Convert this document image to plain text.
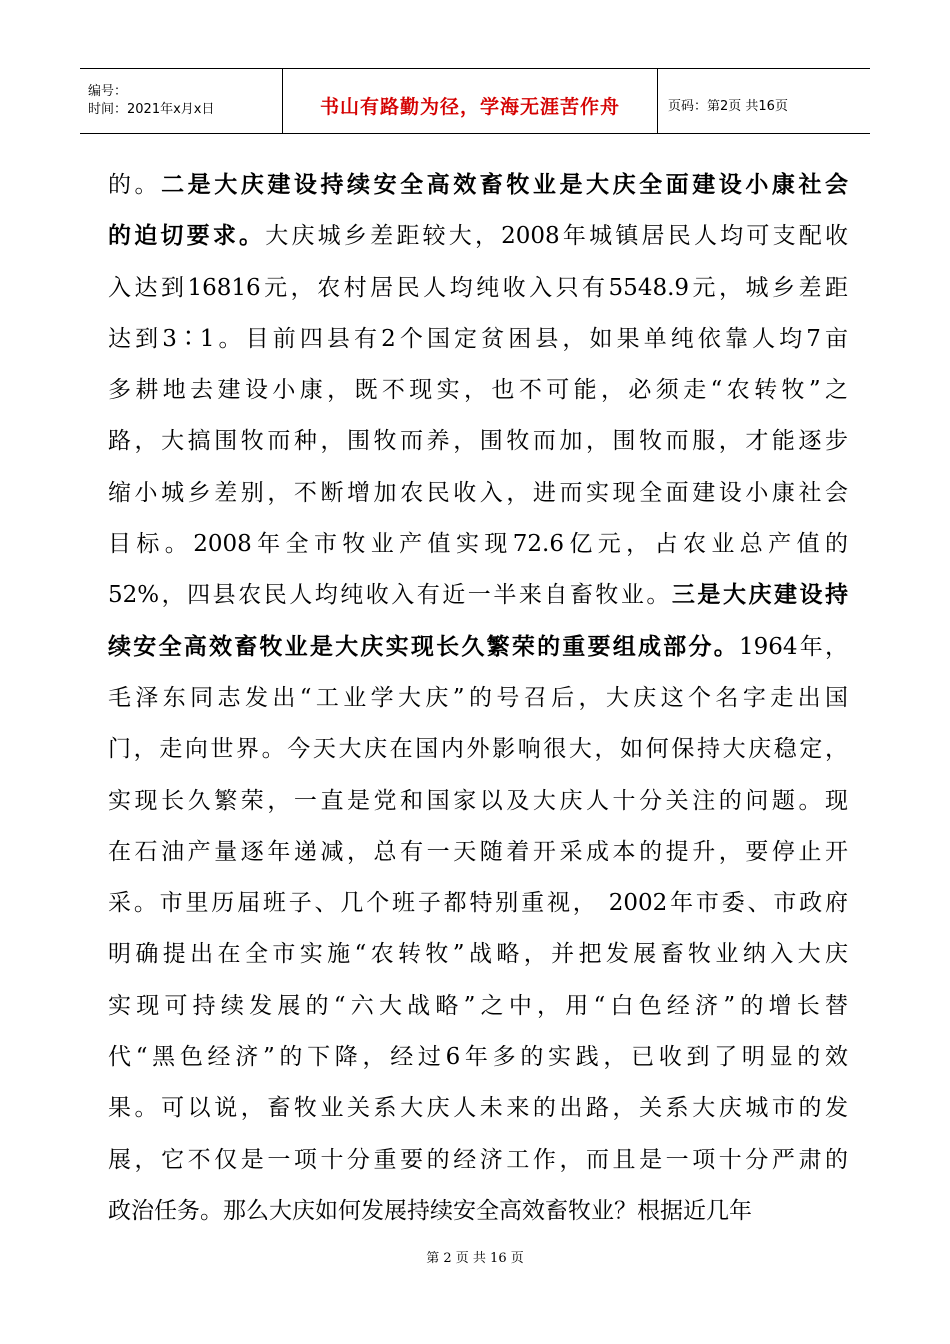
编号：
时间：2021年x月x日	书山有路勤为径，学海无涯苦作舟	页码：第2页 共16页
的。二是大庆建设持续安全高效畜牧业是大庆全面建设小康社会
的迫切要求。大庆城乡差距较大，2008年城镇居民人均可支配收
入达到16816元，农村居民人均纯收入只有5548.9元，城乡差距
达到3∶1。目前四县有2个国定贫困县，如果单纯依靠人均7亩
多耕地去建设小康，既不现实，也不可能，必须走“农转牧”之
路，大搞围牧而种，围牧而养，围牧而加，围牧而服，才能逐步
缩小城乡差别，不断增加农民收入，进而实现全面建设小康社会
目标。2008年全市牧业产值实现72.6亿元，占农业总产值的
52%，四县农民人均纯收入有近一半来自畜牧业。三是大庆建设持
续安全高效畜牧业是大庆实现长久繁荣的重要组成部分。1964年，
毛泽东同志发出“工业学大庆”的号召后，大庆这个名字走出国
门，走向世界。今天大庆在国内外影响很大，如何保持大庆稳定，
实现长久繁荣，一直是党和国家以及大庆人十分关注的问题。现
在石油产量逐年递减，总有一天随着开采成本的提升，要停止开
采。市里历届班子、几个班子都特别重视， 2002年市委、市政府
明确提出在全市实施“农转牧”战略，并把发展畜牧业纳入大庆
实现可持续发展的“六大战略”之中，用“白色经济”的增长替
代“黑色经济”的下降，经过6年多的实践，已收到了明显的效
果。可以说，畜牧业关系大庆人未来的出路，关系大庆城市的发
展，它不仅是一项十分重要的经济工作，而且是一项十分严肃的
政治任务。那么大庆如何发展持续安全高效畜牧业？根据近几年
第 2 页 共 16 页
